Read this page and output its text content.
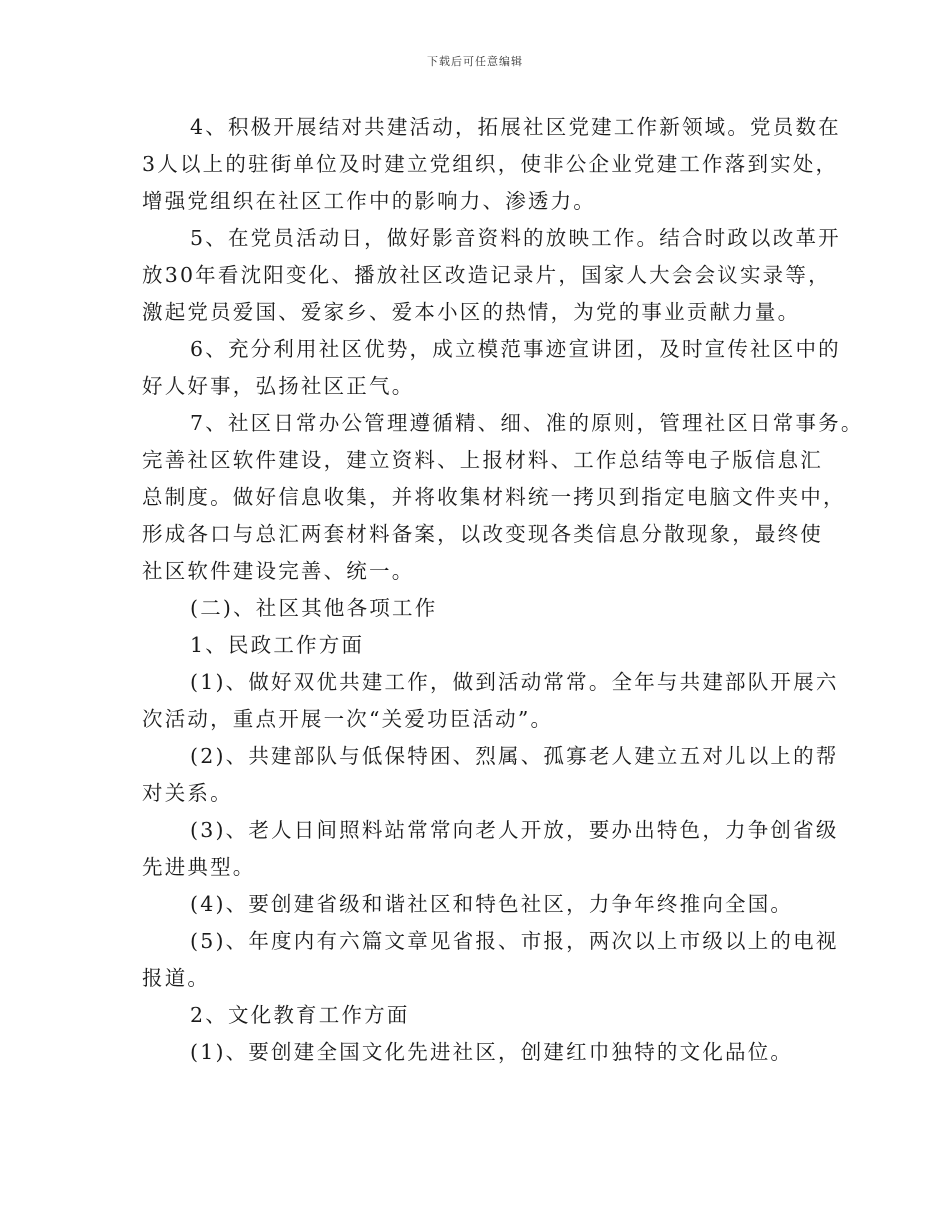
下载后可任意编辑
4、积极开展结对共建活动，拓展社区党建工作新领域。党员数在
3人以上的驻街单位及时建立党组织，使非公企业党建工作落到实处，
增强党组织在社区工作中的影响力、渗透力。
5、在党员活动日，做好影音资料的放映工作。结合时政以改革开
放30年看沈阳变化、播放社区改造记录片，国家人大会会议实录等，
激起党员爱国、爱家乡、爱本小区的热情，为党的事业贡献力量。
6、充分利用社区优势，成立模范事迹宣讲团，及时宣传社区中的
好人好事，弘扬社区正气。
7、社区日常办公管理遵循精、细、准的原则，管理社区日常事务。
完善社区软件建设，建立资料、上报材料、工作总结等电子版信息汇
总制度。做好信息收集，并将收集材料统一拷贝到指定电脑文件夹中，
形成各口与总汇两套材料备案，以改变现各类信息分散现象，最终使
社区软件建设完善、统一。
(二)、社区其他各项工作
1、民政工作方面
(1)、做好双优共建工作，做到活动常常。全年与共建部队开展六
次活动，重点开展一次“关爱功臣活动”。
(2)、共建部队与低保特困、烈属、孤寡老人建立五对儿以上的帮
对关系。
(3)、老人日间照料站常常向老人开放，要办出特色，力争创省级
先进典型。
(4)、要创建省级和谐社区和特色社区，力争年终推向全国。
(5)、年度内有六篇文章见省报、市报，两次以上市级以上的电视
报道。
2、文化教育工作方面
(1)、要创建全国文化先进社区，创建红巾独特的文化品位。
